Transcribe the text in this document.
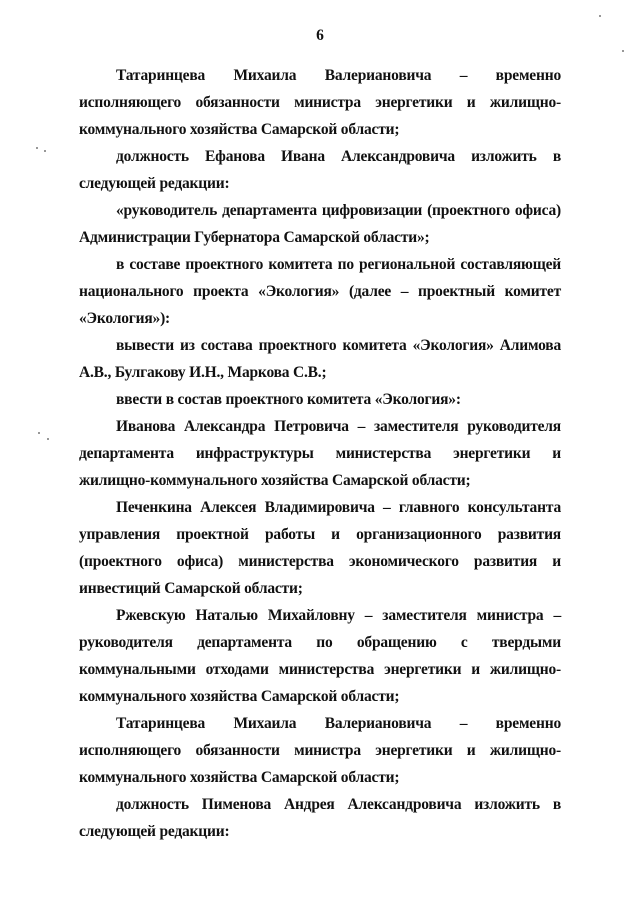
6

Татаринцева Михаила Валериановича – временно исполняющего обязанности министра энергетики и жилищно-коммунального хозяйства Самарской области;

должность Ефанова Ивана Александровича изложить в следующей редакции:

«руководитель департамента цифровизации (проектного офиса) Администрации Губернатора Самарской области»;

в составе проектного комитета по региональной составляющей национального проекта «Экология» (далее – проектный комитет «Экология»):

вывести из состава проектного комитета «Экология» Алимова А.В., Булгакову И.Н., Маркова С.В.;

ввести в состав проектного комитета «Экология»:

Иванова Александра Петровича – заместителя руководителя департамента инфраструктуры министерства энергетики и жилищно-коммунального хозяйства Самарской области;

Печенкина Алексея Владимировича – главного консультанта управления проектной работы и организационного развития (проектного офиса) министерства экономического развития и инвестиций Самарской области;

Ржевскую Наталью Михайловну – заместителя министра – руководителя департамента по обращению с твердыми коммунальными отходами министерства энергетики и жилищно-коммунального хозяйства Самарской области;

Татаринцева Михаила Валериановича – временно исполняющего обязанности министра энергетики и жилищно-коммунального хозяйства Самарской области;

должность Пименова Андрея Александровича изложить в следующей редакции:
